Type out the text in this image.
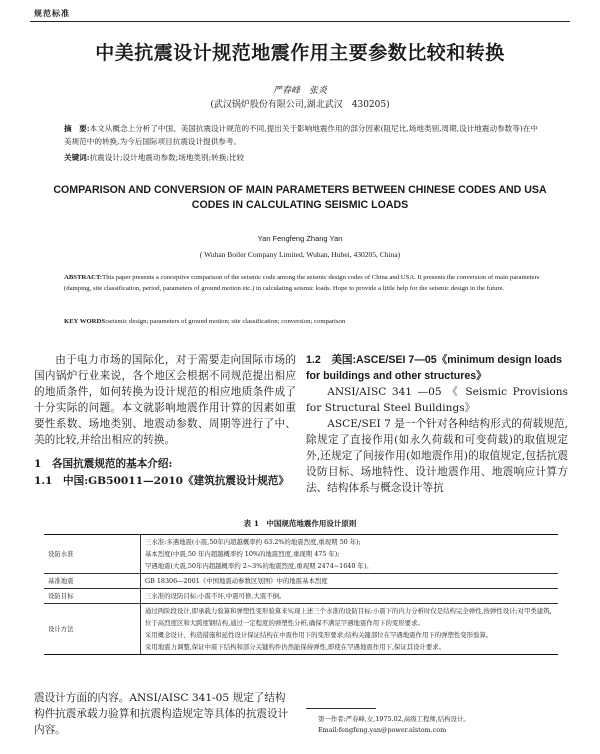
规范标准
中美抗震设计规范地震作用主要参数比较和转换
严春峰　张炎
(武汉锅炉股份有限公司,湖北武汉　430205)
摘　要:本文从概念上分析了中国、美国抗震设计规范的不同,提出关于影响地震作用的部分因素(阻尼比,场地类别,周期,设计地震动参数等)在中美规范中的转换,为今后国际项目抗震设计提供参考。
关键词:抗震设计;设计地震动参数;场地类别;转换;比较
COMPARISON AND CONVERSION OF MAIN PARAMETERS BETWEEN CHINESE CODES AND USA CODES IN CALCULATING SEISMIC LOADS
Yan Fengfeng Zhang Yan
( Wuhan Boiler Company Limited, Wuhan, Hubei, 430205, China)
ABSTRACT:This paper presents a conceptive comparison of the seismic code among the seismic design codes of China and USA. It presents the conversion of main parameters (damping, site classification, period, parameters of ground motion etc.) in calculating seismic loads. Hope to provide a little help for the seismic design in the future.
KEY WORDS:seismic design; parameters of ground motion; site classification; conversion; comparison

由于电力市场的国际化，对于需要走向国际市场的国内锅炉行业来说，各个地区会根据不同规范提出相应的地质条件，如何转换为设计规范的相应地质条件成了十分实际的问题。本文就影响地震作用计算的因素如重要性系数、场地类别、地震动参数、周期等进行了中、美的比较,并给出相应的转换。

1　各国抗震规范的基本介绍:

1.1　中国:GB50011—2010《建筑抗震设计规范》

1.2　美国:ASCE/SEI 7—05《minimum design loads for buildings and other structures》

ANSI/AISC 341 —05 《 Seismic Provisions for Structural Steel Buildings》

ASCE/SEI 7 是一个针对各种结构形式的荷载规范,除规定了直接作用(如永久荷载和可变荷载)的取值规定外,还规定了间接作用(如地震作用)的取值规定,包括抗震设防目标、场地特性、设计地震作用、地震响应计算方法、结构体系与概念设计等抗

表 1　中国规范地震作用设计原则
设防水准	三水准:多遇地震(小震,50年内超越概率约 63.2%的地震烈度,重现期 50 年);
基本烈度(中震,50 年内超越概率约 10%的地震烈度,重现期 475 年);
罕遇地震(大震,50年内超越概率约 2~3%的地震烈度,重现期 2474~1640 年)。

基准地震	GB 18306—2001《中国地震动参数区划图》中的地震基本烈度

设防目标	三水准的设防目标:小震不坏,中震可修,大震不倒。

设计方法	通过两阶段设计,即承载力验算和弹塑性变形验算来实现上述三个水准的设防目标:小震下的内力分析时仅是结构完全弹性,按弹性设计;对甲类建筑,位于高烈度区和大跨度钢结构,通过一定程度的弹塑性分析,确保不满足罕遇地震作用下的变形要求。
采用概念设计、构造措施和延性设计保证结构在中震作用下的变形要求;结构关键部位在罕遇地震作用下的弹塑性变形验算。
采用地震力调整,保证中震下结构和部分关键构件仍然能保持弹性,即使在罕遇地震作用下,保证其设计要求。
震设计方面的内容。ANSI/AISC 341-05 规定了结构构件抗震承载力验算和抗震构造规定等具体的抗震设计内容。
第一作者:严春峰,女,1975.02,高级工程师,结构设计。
Email:fengfeng.yan@power.alstom.com
